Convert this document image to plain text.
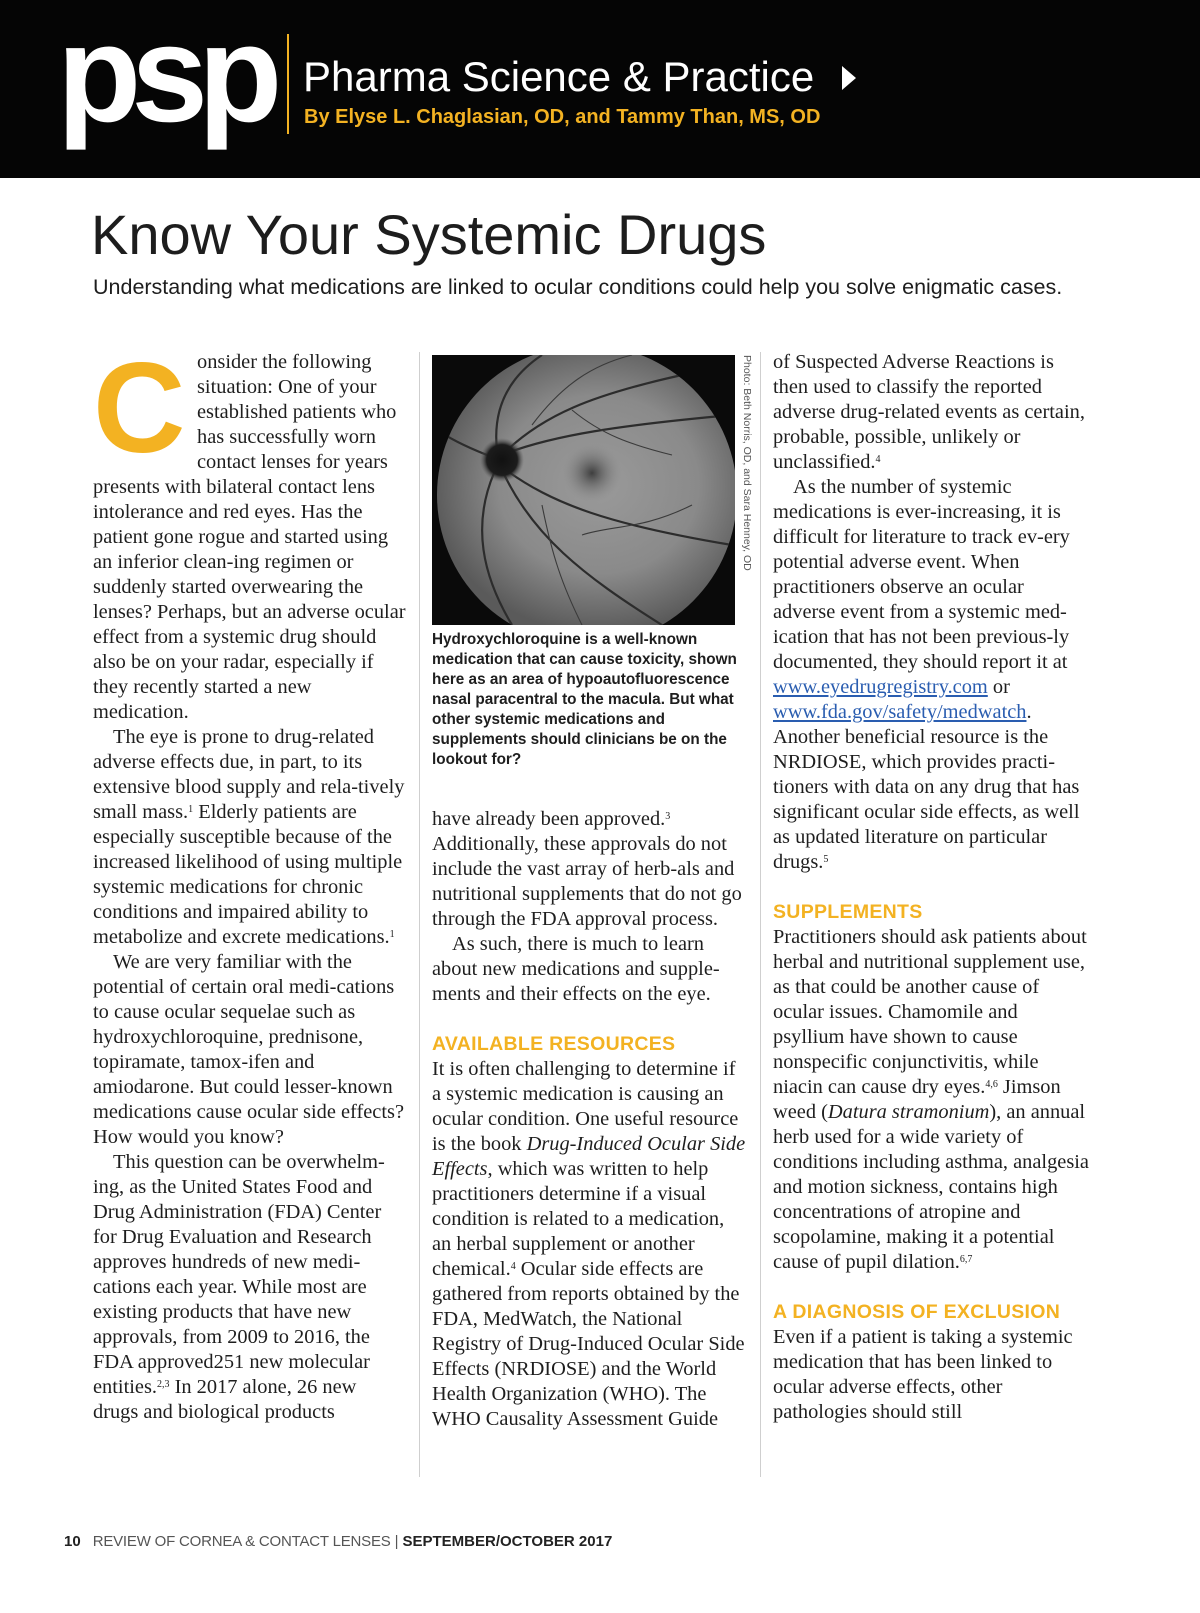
psp Pharma Science & Practice
By Elyse L. Chaglasian, OD, and Tammy Than, MS, OD
Know Your Systemic Drugs
Understanding what medications are linked to ocular conditions could help you solve enigmatic cases.

Consider the following situation: One of your established patients who has successfully worn contact lenses for years presents with bilateral contact lens intolerance and red eyes. Has the patient gone rogue and started using an inferior clean-ing regimen or suddenly started overwearing the lenses? Perhaps, but an adverse ocular effect from a systemic drug should also be on your radar, especially if they recently started a new medication.

The eye is prone to drug-related adverse effects due, in part, to its extensive blood supply and rela-tively small mass.$^1$ Elderly patients are especially susceptible because of the increased likelihood of using multiple systemic medications for chronic conditions and impaired ability to metabolize and excrete medications.$^1$

We are very familiar with the potential of certain oral medi-cations to cause ocular sequelae such as hydroxychloroquine, prednisone, topiramate, tamox-ifen and amiodarone. But could lesser-known medications cause ocular side effects? How would you know?

This question can be overwhelm-ing, as the United States Food and Drug Administration (FDA) Center for Drug Evaluation and Research approves hundreds of new medi-cations each year. While most are existing products that have new approvals, from 2009 to 2016, the FDA approved251 new molecular entities.$^{2,3}$ In 2017 alone, 26 new drugs and biological products

Photo: Beth Norris, OD, and Sara Henney, OD
Hydroxychloroquine is a well-known medication that can cause toxicity, shown here as an area of hypoautofluorescence nasal paracentral to the macula. But what other systemic medications and supplements should clinicians be on the lookout for?

have already been approved.$^3$ Additionally, these approvals do not include the vast array of herb-als and nutritional supplements that do not go through the FDA approval process.

As such, there is much to learn about new medications and supple-ments and their effects on the eye.

AVAILABLE RESOURCES

It is often challenging to determine if a systemic medication is causing an ocular condition. One useful resource is the book Drug-Induced Ocular Side Effects, which was written to help practitioners determine if a visual condition is related to a medication, an herbal supplement or another chemical.$^4$ Ocular side effects are gathered from reports obtained by the FDA, MedWatch, the National Registry of Drug-Induced Ocular Side Effects (NRDIOSE) and the World Health Organization (WHO). The WHO Causality Assessment Guide

of Suspected Adverse Reactions is then used to classify the reported adverse drug-related events as certain, probable, possible, unlikely or unclassified.$^4$

As the number of systemic medications is ever-increasing, it is difficult for literature to track ev-ery potential adverse event. When practitioners observe an ocular adverse event from a systemic med-ication that has not been previous-ly documented, they should report it at www.eyedrugregistry.com or www.fda.gov/safety/medwatch. Another beneficial resource is the NRDIOSE, which provides practi-tioners with data on any drug that has significant ocular side effects, as well as updated literature on particular drugs.$^5$

SUPPLEMENTS

Practitioners should ask patients about herbal and nutritional supplement use, as that could be another cause of ocular issues. Chamomile and psyllium have shown to cause nonspecific conjunctivitis, while niacin can cause dry eyes.$^{4,6}$ Jimson weed (Datura stramonium), an annual herb used for a wide variety of conditions including asthma, analgesia and motion sickness, contains high concentrations of atropine and scopolamine, making it a potential cause of pupil dilation.$^{6,7}$

A DIAGNOSIS OF EXCLUSION

Even if a patient is taking a systemic medication that has been linked to ocular adverse effects, other pathologies should still

10 REVIEW OF CORNEA & CONTACT LENSES | SEPTEMBER/OCTOBER 2017
